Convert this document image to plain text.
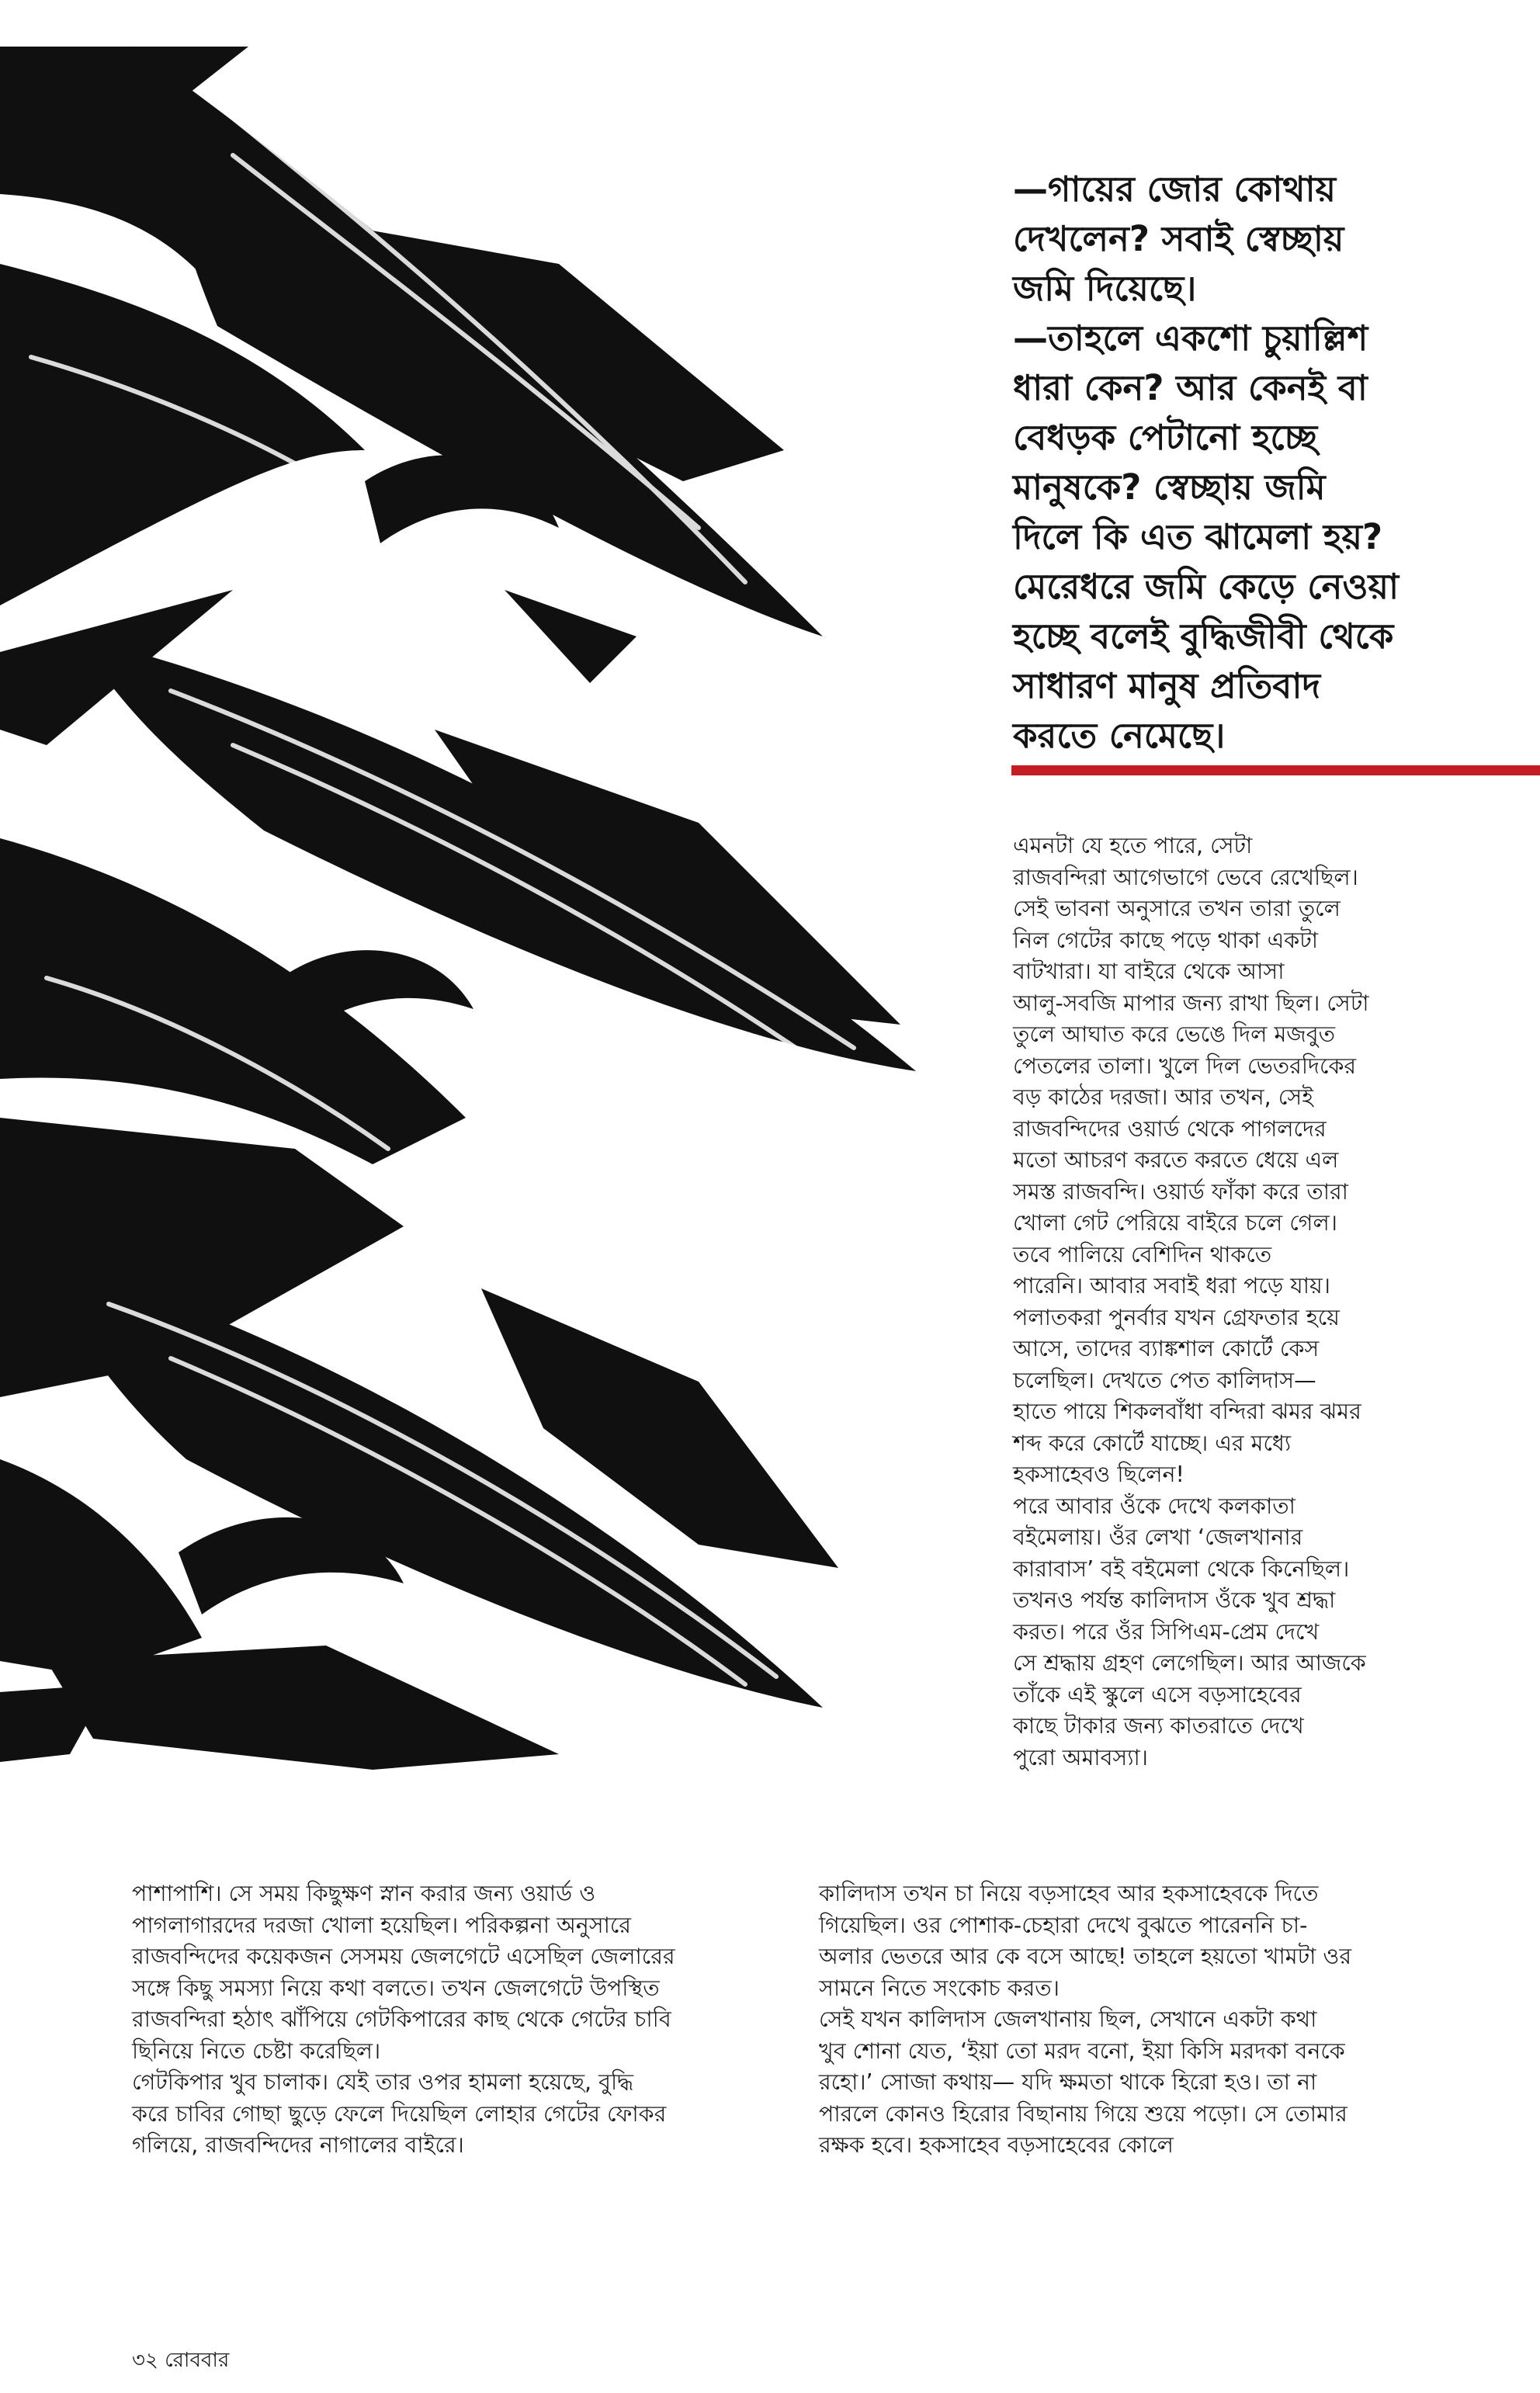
—গায়ের জোর কোথায়
দেখলেন? সবাই স্বেচ্ছায়
জমি দিয়েছে।
—তাহলে একশো চুয়াল্লিশ
ধারা কেন? আর কেনই বা
বেধড়ক পেটানো হচ্ছে
মানুষকে? স্বেচ্ছায় জমি
দিলে কি এত ঝামেলা হয়?
মেরেধরে জমি কেড়ে নেওয়া
হচ্ছে বলেই বুদ্ধিজীবী থেকে
সাধারণ মানুষ প্রতিবাদ
করতে নেমেছে।
এমনটা যে হতে পারে, সেটা
রাজবন্দিরা আগেভাগে ভেবে রেখেছিল।
সেই ভাবনা অনুসারে তখন তারা তুলে
নিল গেটের কাছে পড়ে থাকা একটা
বাটখারা। যা বাইরে থেকে আসা
আলু-সবজি মাপার জন্য রাখা ছিল। সেটা
তুলে আঘাত করে ভেঙে দিল মজবুত
পেতলের তালা। খুলে দিল ভেতরদিকের
বড় কাঠের দরজা। আর তখন, সেই
রাজবন্দিদের ওয়ার্ড থেকে পাগলদের
মতো আচরণ করতে করতে ধেয়ে এল
সমস্ত রাজবন্দি। ওয়ার্ড ফাঁকা করে তারা
খোলা গেট পেরিয়ে বাইরে চলে গেল।
তবে পালিয়ে বেশিদিন থাকতে
পারেনি। আবার সবাই ধরা পড়ে যায়।
পলাতকরা পুনর্বার যখন গ্রেফতার হয়ে
আসে, তাদের ব্যাঙ্কশাল কোর্টে কেস
চলেছিল। দেখতে পেত কালিদাস—
হাতে পায়ে শিকলবাঁধা বন্দিরা ঝমর ঝমর
শব্দ করে কোর্টে যাচ্ছে। এর মধ্যে
হকসাহেবও ছিলেন!
পরে আবার ওঁকে দেখে কলকাতা
বইমেলায়। ওঁর লেখা ‘জেলখানার
কারাবাস’ বই বইমেলা থেকে কিনেছিল।
তখনও পর্যন্ত কালিদাস ওঁকে খুব শ্রদ্ধা
করত। পরে ওঁর সিপিএম-প্রেম দেখে
সে শ্রদ্ধায় গ্রহণ লেগেছিল। আর আজকে
তাঁকে এই স্কুলে এসে বড়সাহেবের
কাছে টাকার জন্য কাতরাতে দেখে
পুরো অমাবস্যা।
পাশাপাশি। সে সময় কিছুক্ষণ স্নান করার জন্য ওয়ার্ড ও
পাগলাগারদের দরজা খোলা হয়েছিল। পরিকল্পনা অনুসারে
রাজবন্দিদের কয়েকজন সেসময় জেলগেটে এসেছিল জেলারের
সঙ্গে কিছু সমস্যা নিয়ে কথা বলতে। তখন জেলগেটে উপস্থিত
রাজবন্দিরা হঠাৎ ঝাঁপিয়ে গেটকিপারের কাছ থেকে গেটের চাবি
ছিনিয়ে নিতে চেষ্টা করেছিল।
গেটকিপার খুব চালাক। যেই তার ওপর হামলা হয়েছে, বুদ্ধি
করে চাবির গোছা ছুড়ে ফেলে দিয়েছিল লোহার গেটের ফোকর
গলিয়ে, রাজবন্দিদের নাগালের বাইরে।
কালিদাস তখন চা নিয়ে বড়সাহেব আর হকসাহেবকে দিতে
গিয়েছিল। ওর পোশাক-চেহারা দেখে বুঝতে পারেননি চা-
অলার ভেতরে আর কে বসে আছে! তাহলে হয়তো খামটা ওর
সামনে নিতে সংকোচ করত।
সেই যখন কালিদাস জেলখানায় ছিল, সেখানে একটা কথা
খুব শোনা যেত, ‘ইয়া তো মরদ বনো, ইয়া কিসি মরদকা বনকে
রহো।’ সোজা কথায়— যদি ক্ষমতা থাকে হিরো হও। তা না
পারলে কোনও হিরোর বিছানায় গিয়ে শুয়ে পড়ো। সে তোমার
রক্ষক হবে। হকসাহেব বড়সাহেবের কোলে
৩২ রোববার
